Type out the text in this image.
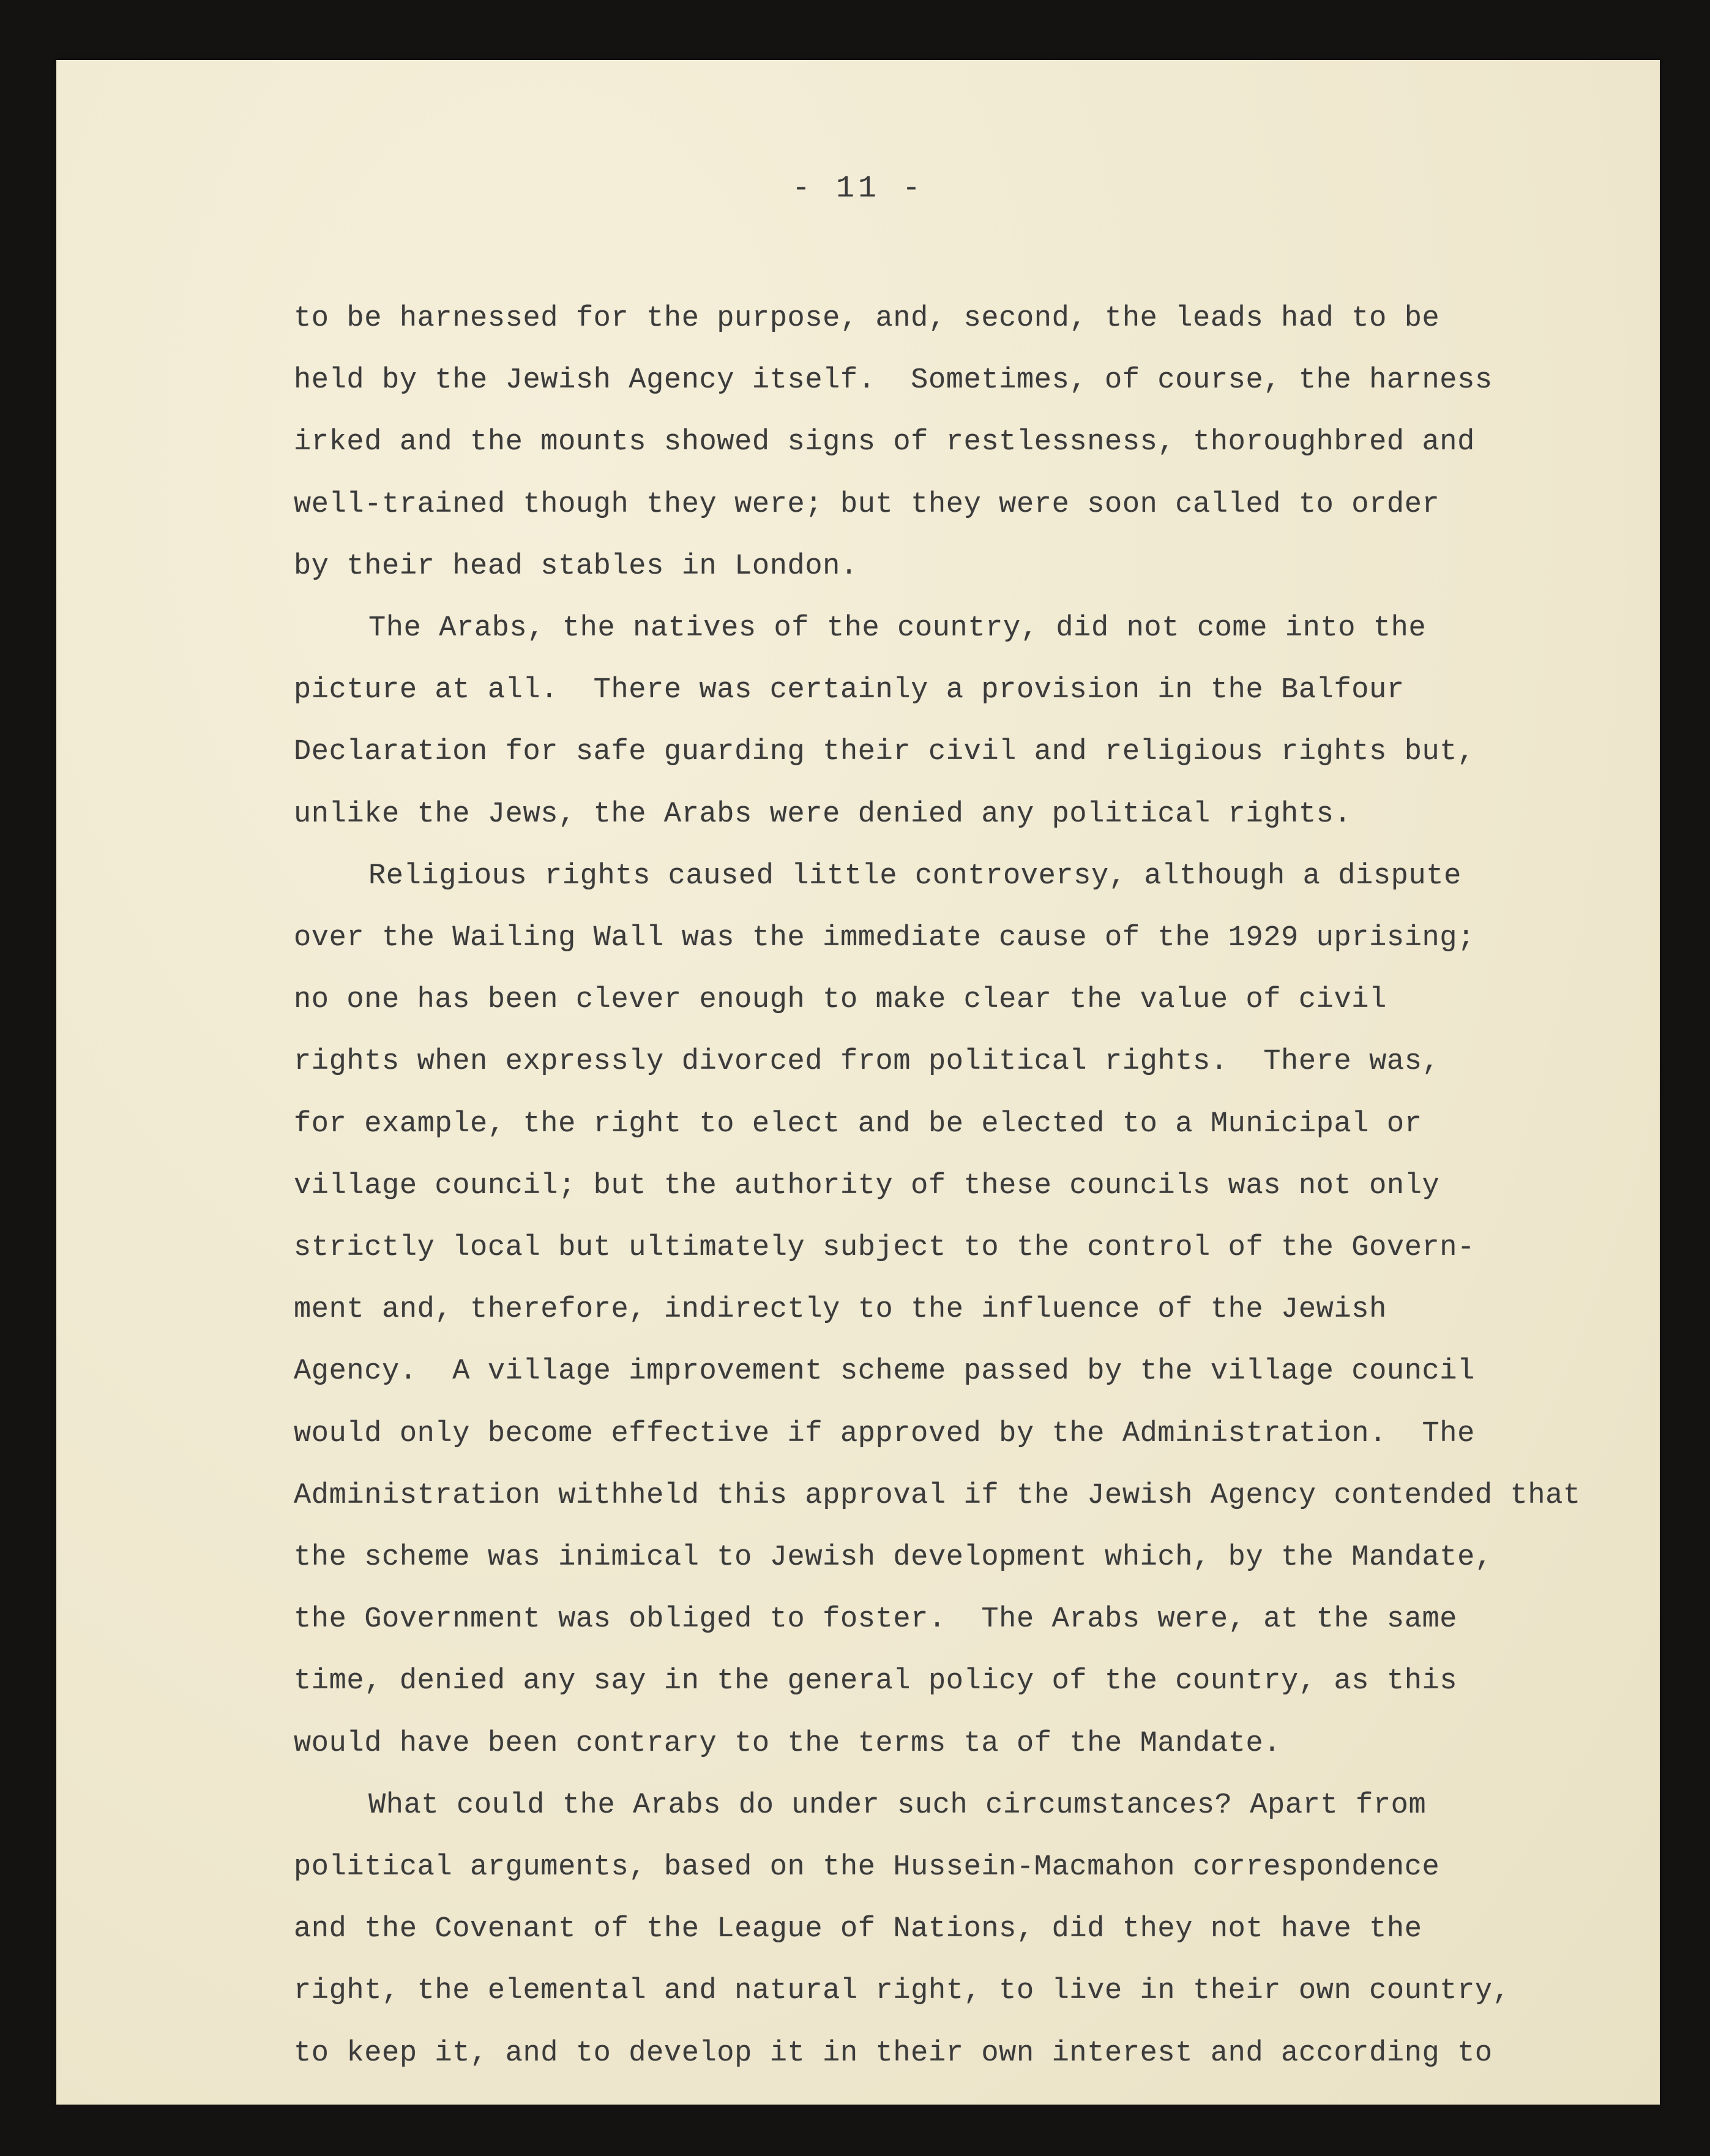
- 11 -
to be harnessed for the purpose, and, second, the leads had to be
held by the Jewish Agency itself.  Sometimes, of course, the harness
irked and the mounts showed signs of restlessness, thoroughbred and
well-trained though they were; but they were soon called to order
by their head stables in London.
The Arabs, the natives of the country, did not come into the
picture at all.  There was certainly a provision in the Balfour
Declaration for safe guarding their civil and religious rights but,
unlike the Jews, the Arabs were denied any political rights.
Religious rights caused little controversy, although a dispute
over the Wailing Wall was the immediate cause of the 1929 uprising;
no one has been clever enough to make clear the value of civil
rights when expressly divorced from political rights.  There was,
for example, the right to elect and be elected to a Municipal or
village council; but the authority of these councils was not only
strictly local but ultimately subject to the control of the Govern-
ment and, therefore, indirectly to the influence of the Jewish
Agency.  A village improvement scheme passed by the village council
would only become effective if approved by the Administration.  The
Administration withheld this approval if the Jewish Agency contended that
the scheme was inimical to Jewish development which, by the Mandate,
the Government was obliged to foster.  The Arabs were, at the same
time, denied any say in the general policy of the country, as this
would have been contrary to the terms ta of the Mandate.
What could the Arabs do under such circumstances? Apart from
political arguments, based on the Hussein-Macmahon correspondence
and the Covenant of the League of Nations, did they not have the
right, the elemental and natural right, to live in their own country,
to keep it, and to develop it in their own interest and according to
